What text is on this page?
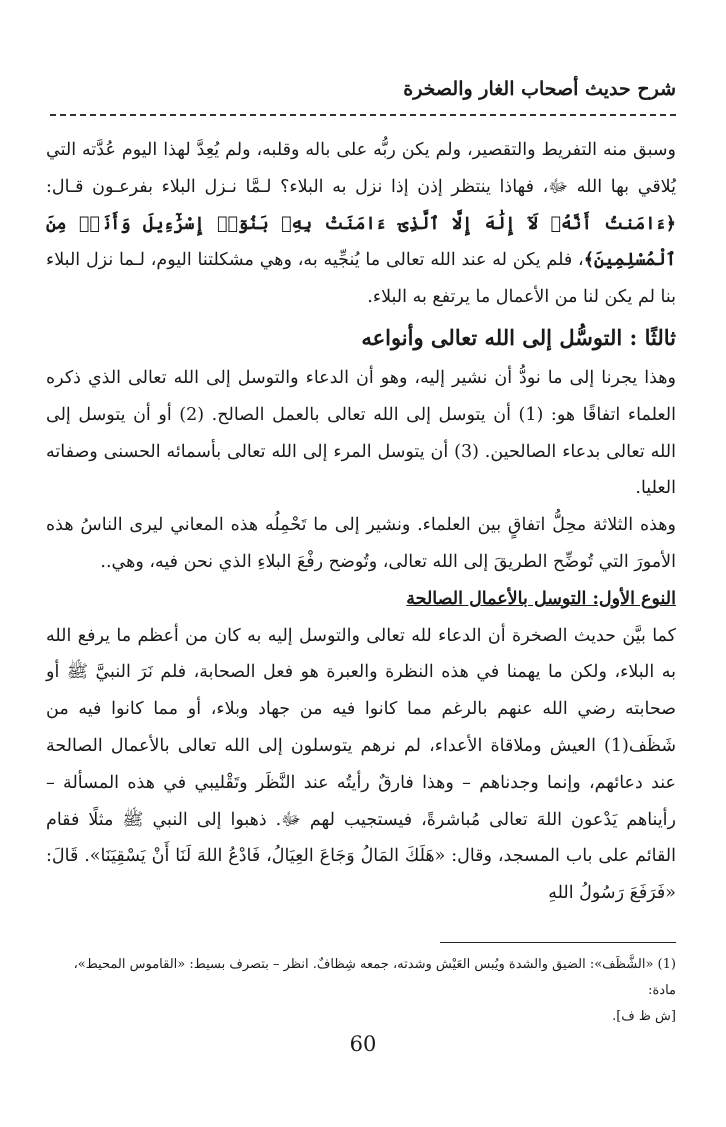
شرح حديث أصحاب الغار والصخرة

وسبق منه التفريط والتقصير، ولم يكن ربُّه على باله وقلبه، ولم يُعِدَّ لهذا اليوم عُدَّته التي يُلاقي بها الله ﷻ، فهاذا ينتظر إذن إذا نزل به البلاء؟ لـمَّا نـزل البلاء بفرعـون قـال: ﴿ءَامَنتُ أَنَّهُۥ لَآ إِلَٰهَ إِلَّا ٱلَّذِىٓ ءَامَنَتْ بِهِۦ بَنُوٓا۟ إِسْرَٰٓءِيلَ وَأَنَا۠ مِنَ ٱلْمُسْلِمِينَ﴾، فلم يكن له عند الله تعالى ما يُنجِّيه به، وهي مشكلتنا اليوم، لـما نزل البلاء بنا لم يكن لنا من الأعمال ما يرتفع به البلاء.

ثالثًا : التوسُّل إلى الله تعالى وأنواعه

وهذا يجرنا إلى ما نودُّ أن نشير إليه، وهو أن الدعاء والتوسل إلى الله تعالى الذي ذكره العلماء اتفاقًا هو: (1) أن يتوسل إلى الله تعالى بالعمل الصالح. (2) أو أن يتوسل إلى الله تعالى بدعاء الصالحين. (3) أن يتوسل المرء إلى الله تعالى بأسمائه الحسنى وصفاته العليا.

وهذه الثلاثة محِلُّ اتفاقٍ بين العلماء. ونشير إلى ما تَحْمِلُه هذه المعاني ليرى الناسُ هذه الأمورَ التي تُوضِّح الطريقَ إلى الله تعالى، وتُوضح رفْعَ البلاءِ الذي نحن فيه، وهي..

النوع الأول: التوسل بالأعمال الصالحة

كما بيَّن حديث الصخرة أن الدعاء لله تعالى والتوسل إليه به كان من أعظم ما يرفع الله به البلاء، ولكن ما يهمنا في هذه النظرة والعبرة هو فعل الصحابة، فلم نَرَ النبيَّ ﷺ أو صحابته رضي الله عنهم بالرغم مما كانوا فيه من جهاد وبلاء، أو مما كانوا فيه من شَظَف(1) العيش وملاقاة الأعداء، لم نرهم يتوسلون إلى الله تعالى بالأعمال الصالحة عند دعائهم، وإنما وجدناهم – وهذا فارقٌ رأيتُه عند النَّظَر وتَقْليبي في هذه المسألة – رأيناهم يَدْعون اللهَ تعالى مُباشرةً، فيستجيب لهم ﷻ. ذهبوا إلى النبي ﷺ مثلًا فقام القائم على باب المسجد، وقال: «هَلَكَ المَالُ وَجَاعَ العِيَالُ، فَادْعُ اللهَ لَنَا أَنْ يَسْقِيَنَا». قَالَ: «فَرَفَعَ رَسُولُ اللهِ

(1) «الشَّظَف»: الضيق والشدة ويُبس العَيْش وشدته، جمعه شِظافٌ. انظر – بتصرف بسيط: «القاموس المحيط»، مادة:

[ش ظ ف].

60
